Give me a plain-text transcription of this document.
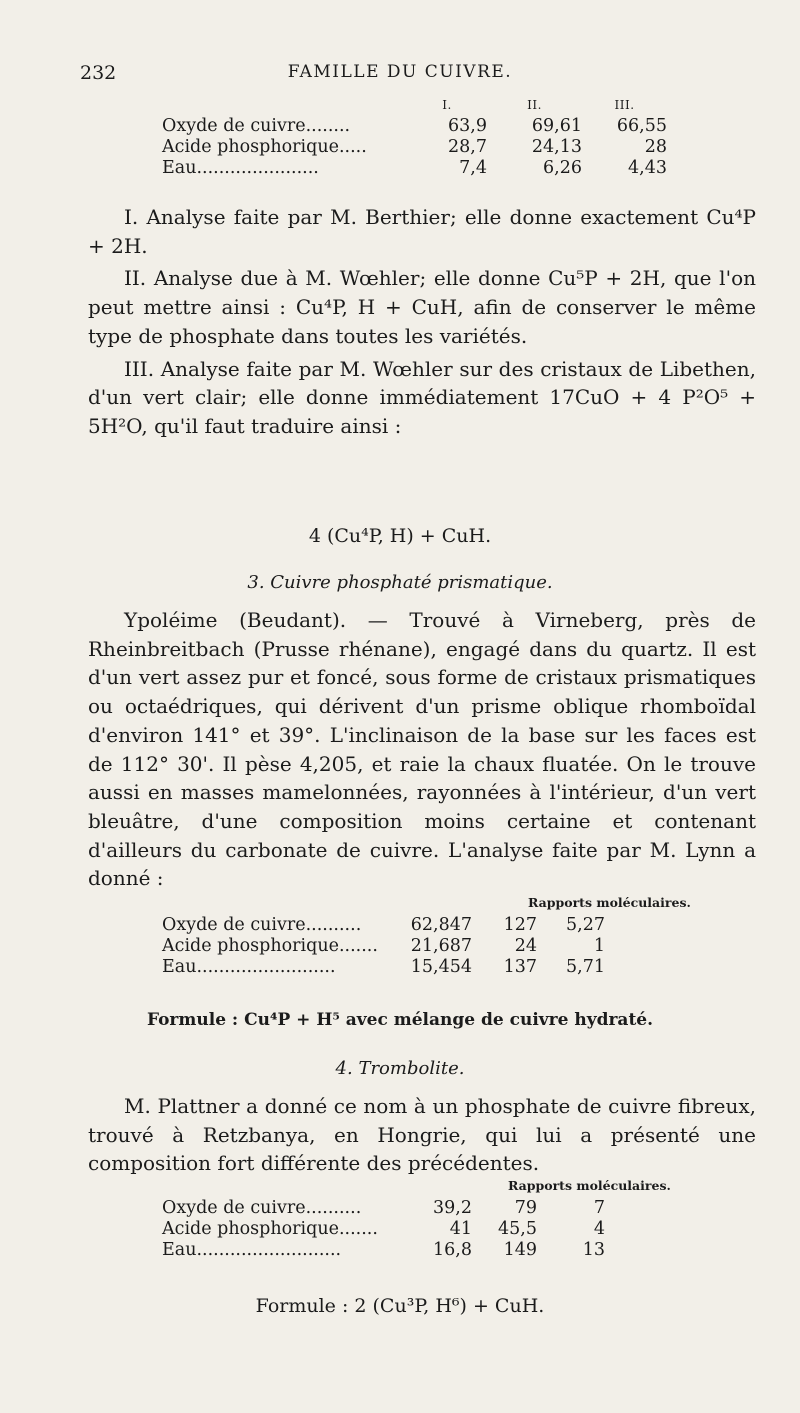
232	FAMILLE DU CUIVRE.
	I.	II.	III.
Oxyde de cuivre........	63,9	69,61	66,55
Acide phosphorique.....	28,7	24,13	28
Eau......................	7,4	6,26	4,43

I. Analyse faite par M. Berthier; elle donne exactement Cu⁴P + 2H.

II. Analyse due à M. Wœhler; elle donne Cu⁵P + 2H, que l'on peut mettre ainsi : Cu⁴P, H + CuH, afin de conserver le même type de phosphate dans toutes les variétés.

III. Analyse faite par M. Wœhler sur des cristaux de Libethen, d'un vert clair; elle donne immédiatement 17CuO + 4 P²O⁵ + 5H²O, qu'il faut traduire ainsi :

4 (Cu⁴P, H) + CuH.
3. Cuivre phosphaté prismatique.

Ypoléime (Beudant). — Trouvé à Virneberg, près de Rheinbreitbach (Prusse rhénane), engagé dans du quartz. Il est d'un vert assez pur et foncé, sous forme de cristaux prismatiques ou octaédriques, qui dérivent d'un prisme oblique rhomboïdal d'environ 141° et 39°. L'inclinaison de la base sur les faces est de 112° 30'. Il pèse 4,205, et raie la chaux fluatée. On le trouve aussi en masses mamelonnées, rayonnées à l'intérieur, d'un vert bleuâtre, d'une composition moins certaine et contenant d'ailleurs du carbonate de cuivre. L'analyse faite par M. Lynn a donné :

Rapports moléculaires.
Oxyde de cuivre..........	62,847	127	5,27
Acide phosphorique.......	21,687	24	1
Eau.........................	15,454	137	5,71
Formule : Cu⁴P + H⁵ avec mélange de cuivre hydraté.
4. Trombolite.

M. Plattner a donné ce nom à un phosphate de cuivre fibreux, trouvé à Retzbanya, en Hongrie, qui lui a présenté une composition fort différente des précédentes.

Rapports moléculaires.
Oxyde de cuivre..........	39,2	79	7
Acide phosphorique.......	41	45,5	4
Eau..........................	16,8	149	13
Formule : 2 (Cu³P, H⁶) + CuH.
